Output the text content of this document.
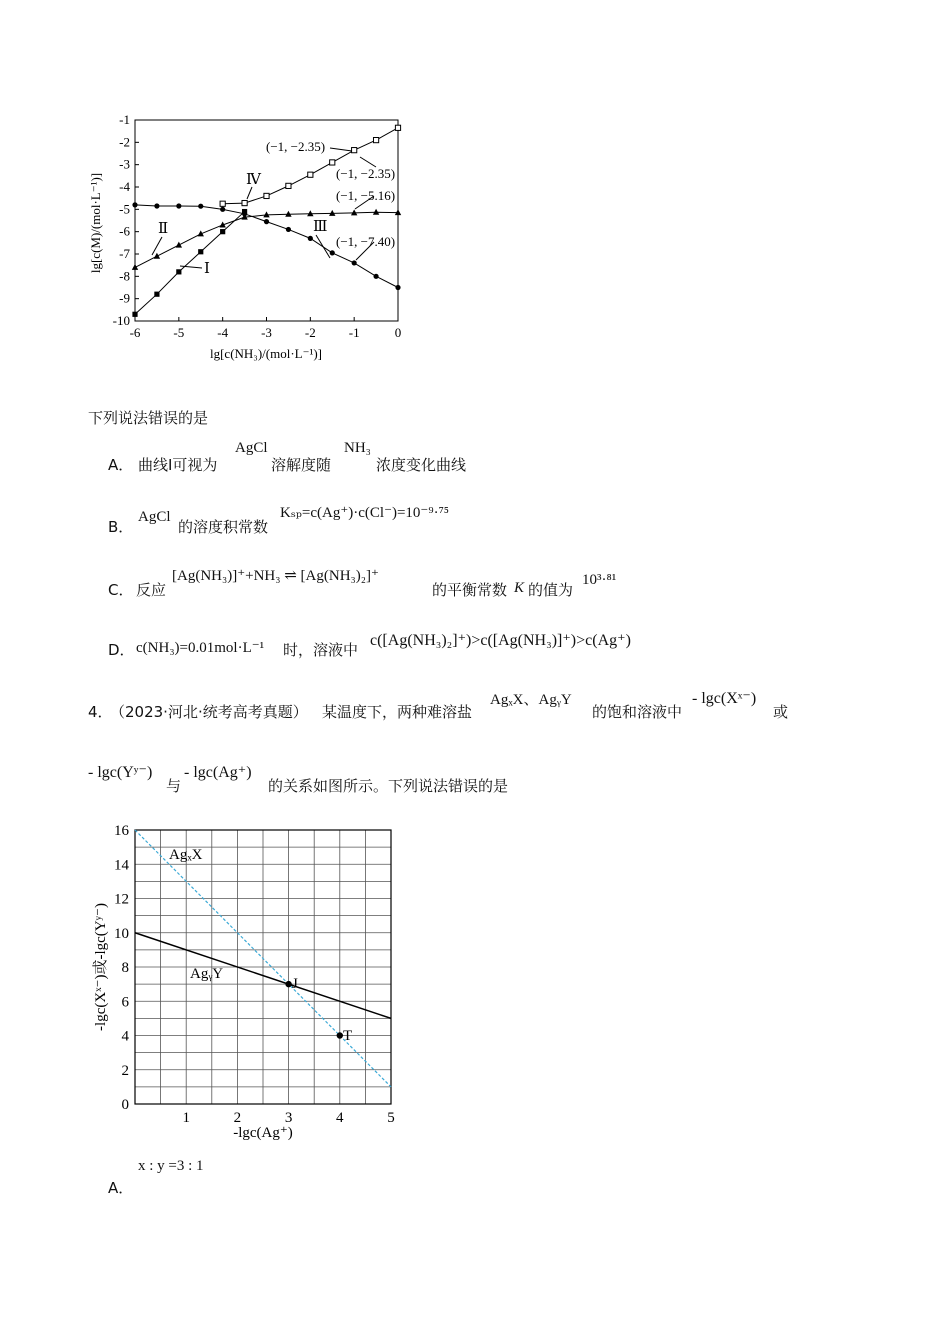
-1
-2
-3
-4
-5
-6
-7
-8
-9
-10
-6	-5	-4	-3	-2	-1	0
Ⅰ
Ⅱ	Ⅲ
Ⅳ
(−1, −2.35)
(−1, −2.35)
(−1, −5.16)
(−1, −7.40)
lg[c(M)/(mol·L⁻¹)]
lg[c(NH₃)/(mol·L⁻¹)]
下列说法错误的是
A． 曲线Ⅰ可视为
AgCl
溶解度随
NH₃
浓度变化曲线
B．
AgCl
的溶度积常数
Kₛₚ=c(Ag⁺)·c(Cl⁻)=10⁻⁹·⁷⁵
C． 反应
[Ag(NH₃)]⁺+NH₃ ⇌ [Ag(NH₃)₂]⁺
的平衡常数 K 的值为
10³·⁸¹
D． c(NH₃)=0.01mol·L⁻¹ 时，溶液中
c([Ag(NH₃)₂]⁺)>c([Ag(NH₃)]⁺)>c(Ag⁺)
4．
（2023·河北·统考高考真题） 某温度下，两种难溶盐
AgₓX、AgᵧY
的饱和溶液中
- lgc(Xˣ⁻)
或
- lgc(Yʸ⁻)
与
- lgc(Ag⁺)
的关系如图所示。下列说法错误的是
0
2
4
6
8
10
12
14
16
1	2	3	4	5
AgₓX
AgᵧY
J
T
-lgc(Xˣ⁻)或-lgc(Yʸ⁻)
-lgc(Ag⁺)
x : y =3 : 1
A．
